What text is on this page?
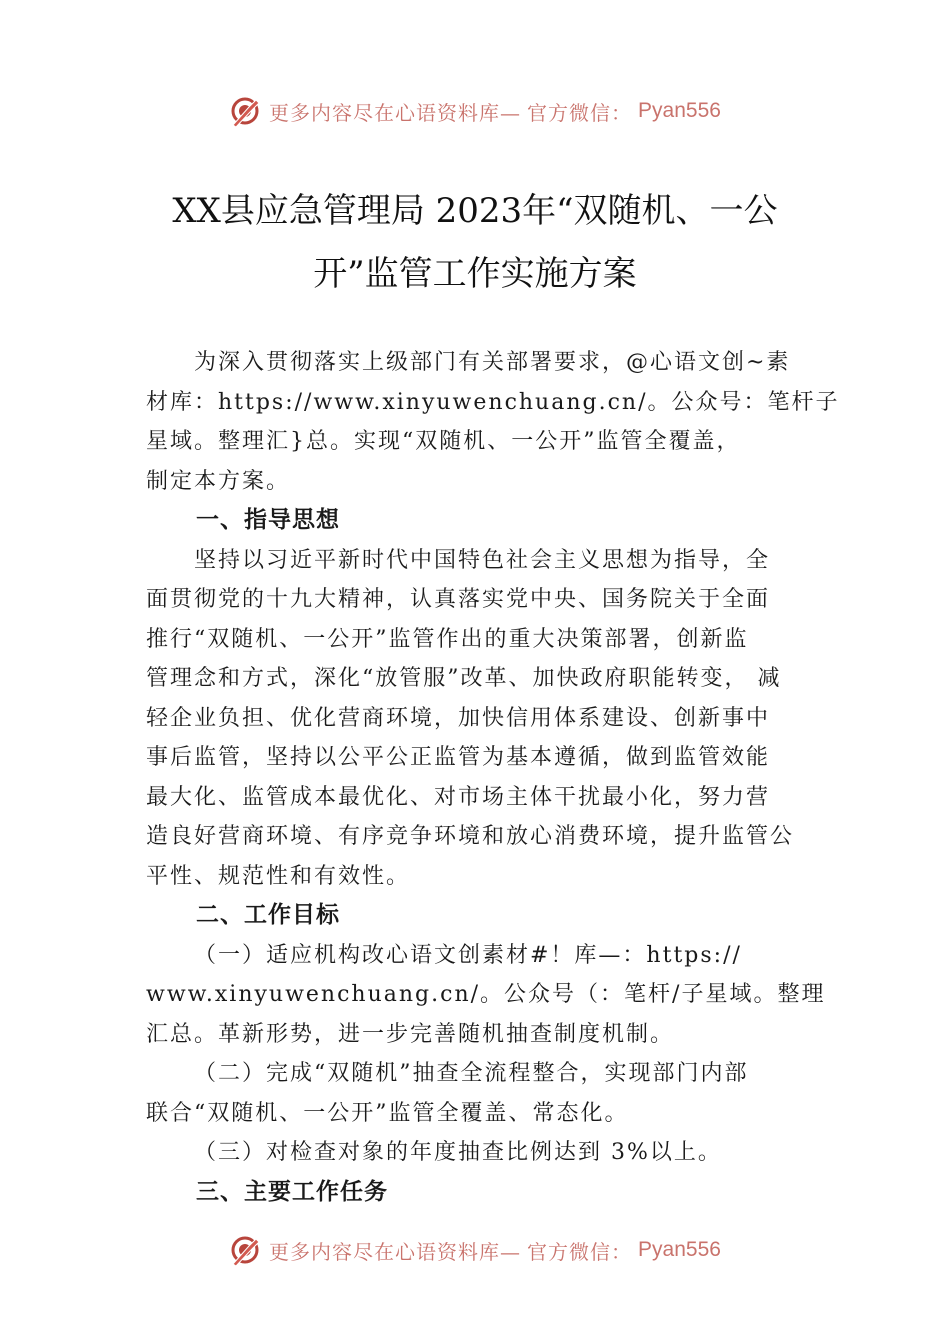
更多内容尽在心语资料库— 官方微信： Pyan556
XX县应急管理局 2023年“双随机、一公
开”监管工作实施方案
为深入贯彻落实上级部门有关部署要求，@心语文创~素
材库：https://www.xinyuwenchuang.cn/。公众号：笔杆子
星域。整理汇}总。实现“双随机、一公开”监管全覆盖，
制定本方案。
一、指导思想
坚持以习近平新时代中国特色社会主义思想为指导，全
面贯彻党的十九大精神，认真落实党中央、国务院关于全面
推行“双随机、一公开”监管作出的重大决策部署，创新监
管理念和方式，深化“放管服”改革、加快政府职能转变， 减
轻企业负担、优化营商环境，加快信用体系建设、创新事中
事后监管，坚持以公平公正监管为基本遵循，做到监管效能
最大化、监管成本最优化、对市场主体干扰最小化，努力营
造良好营商环境、有序竞争环境和放心消费环境，提升监管公
平性、规范性和有效性。
二、工作目标
（一）适应机构改心语文创素材#！库—：https://
www.xinyuwenchuang.cn/。公众号（：笔杆/子星域。整理
汇总。革新形势，进一步完善随机抽查制度机制。
（二）完成“双随机”抽查全流程整合，实现部门内部
联合“双随机、一公开”监管全覆盖、常态化。
（三）对检查对象的年度抽查比例达到 3%以上。
三、主要工作任务
更多内容尽在心语资料库— 官方微信： Pyan556
